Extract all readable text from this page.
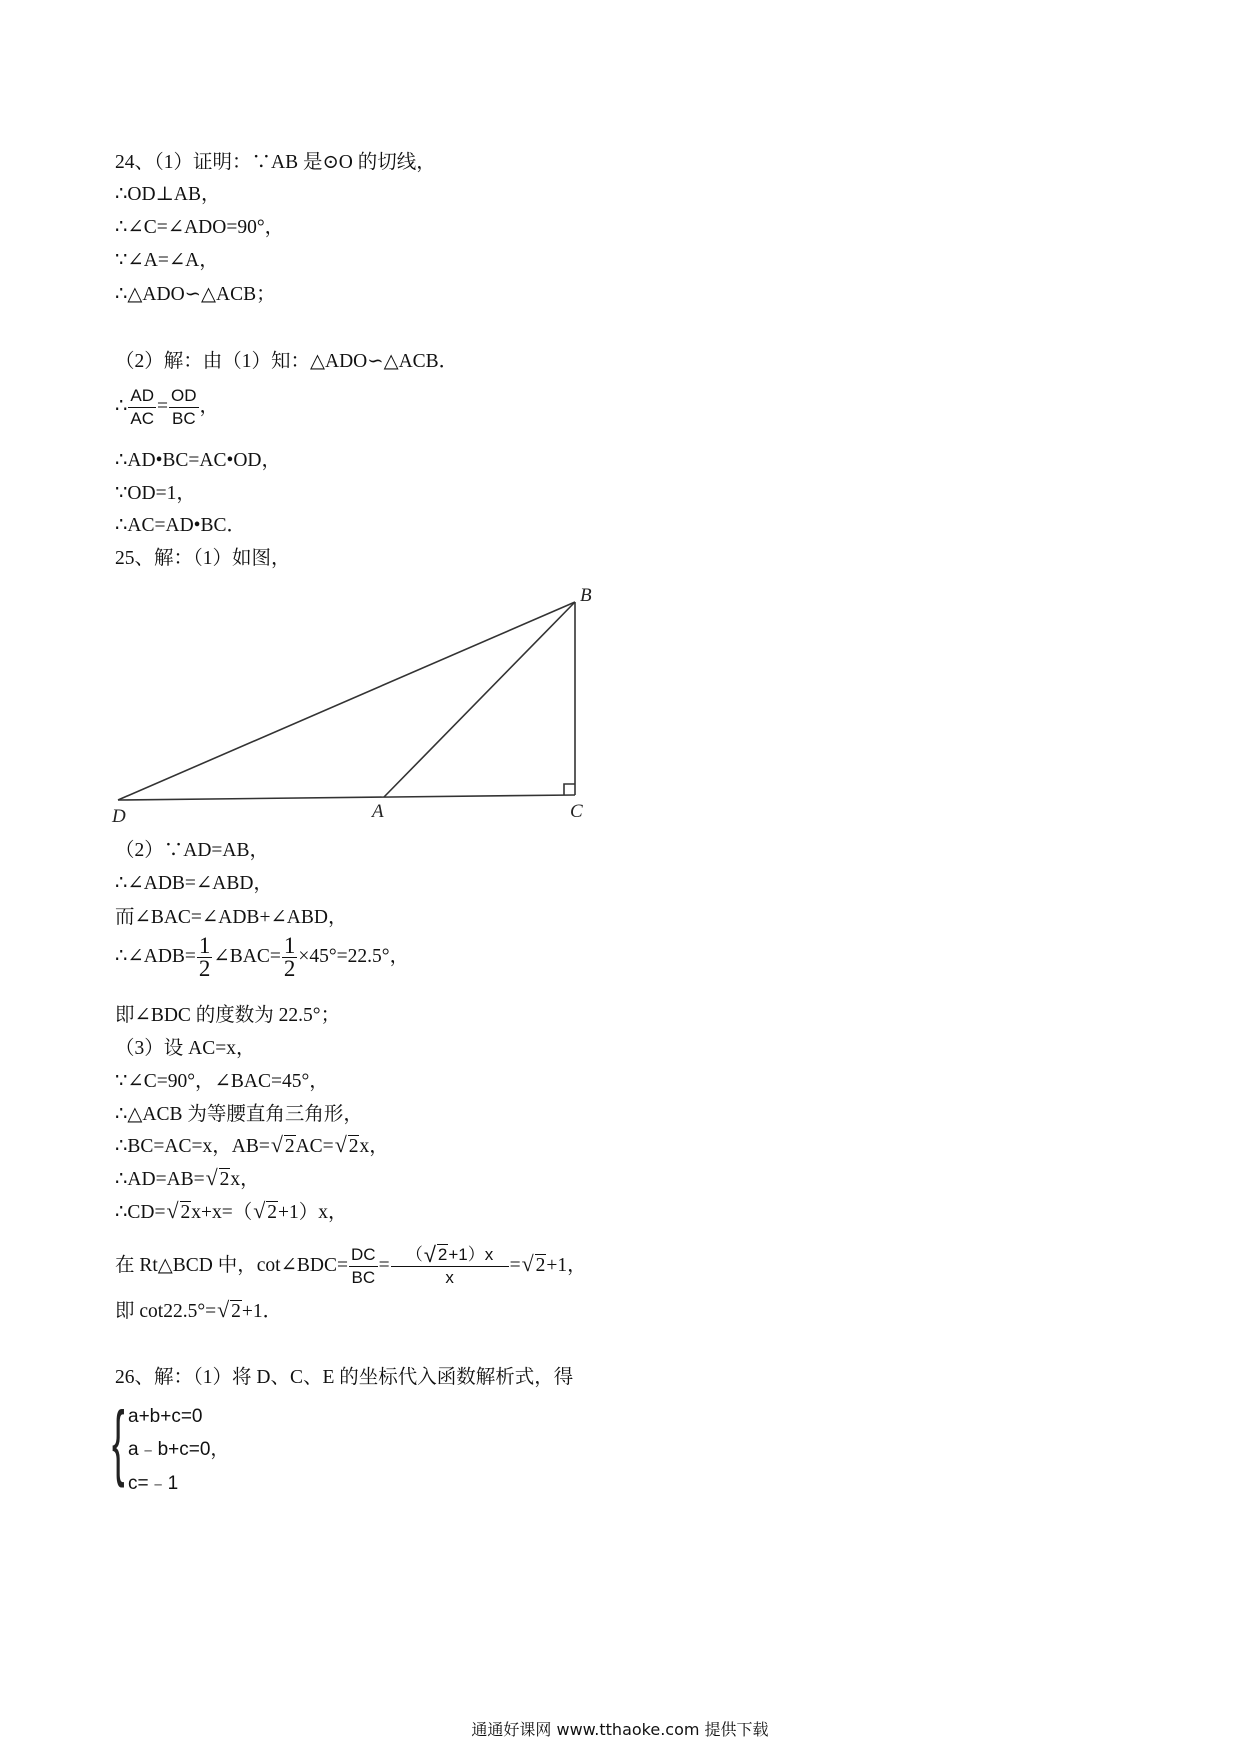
24、（1）证明：∵AB 是⊙O 的切线，
∴OD⊥AB，
∴∠C=∠ADO=90°，
∵∠A=∠A，
∴△ADO∽△ACB；
（2）解：由（1）知：△ADO∽△ACB．
∴ $\frac{AD}{AC} = \frac{OD}{BC}$ ，
∴AD•BC=AC•OD，
∵OD=1，
∴AC=AD•BC．
25、解：（1）如图，
B
D	A	C
（2）∵AD=AB，
∴∠ADB=∠ABD，
而∠BAC=∠ADB+∠ABD，
∴∠ADB= $\frac{1}{2}$ ∠BAC= $\frac{1}{2} \times 45^\circ=22.5^\circ$，
即∠BDC 的度数为 22.5°；
（3）设 AC=x，
∵∠C=90°，∠BAC=45°，
∴△ACB 为等腰直角三角形，
∴BC=AC=x，AB= √ 2AC= √ 2x，
∴AD=AB= √ 2x，
∴CD= √ 2x+x=（ √ 2+1）x，
在 Rt△BCD 中，cot∠BDC= $\frac{DC}{BC} = \frac{( √ 2+1)x}{x}$ = √ 2+1，
即 cot22.5°= √ 2+1．
26、解：（1）将 D、C、E 的坐标代入函数解析式，得
{ a+b+c=0
a﹣b+c=0，
c=﹣1
通通好课网 www.tthaoke.com 提供下载
